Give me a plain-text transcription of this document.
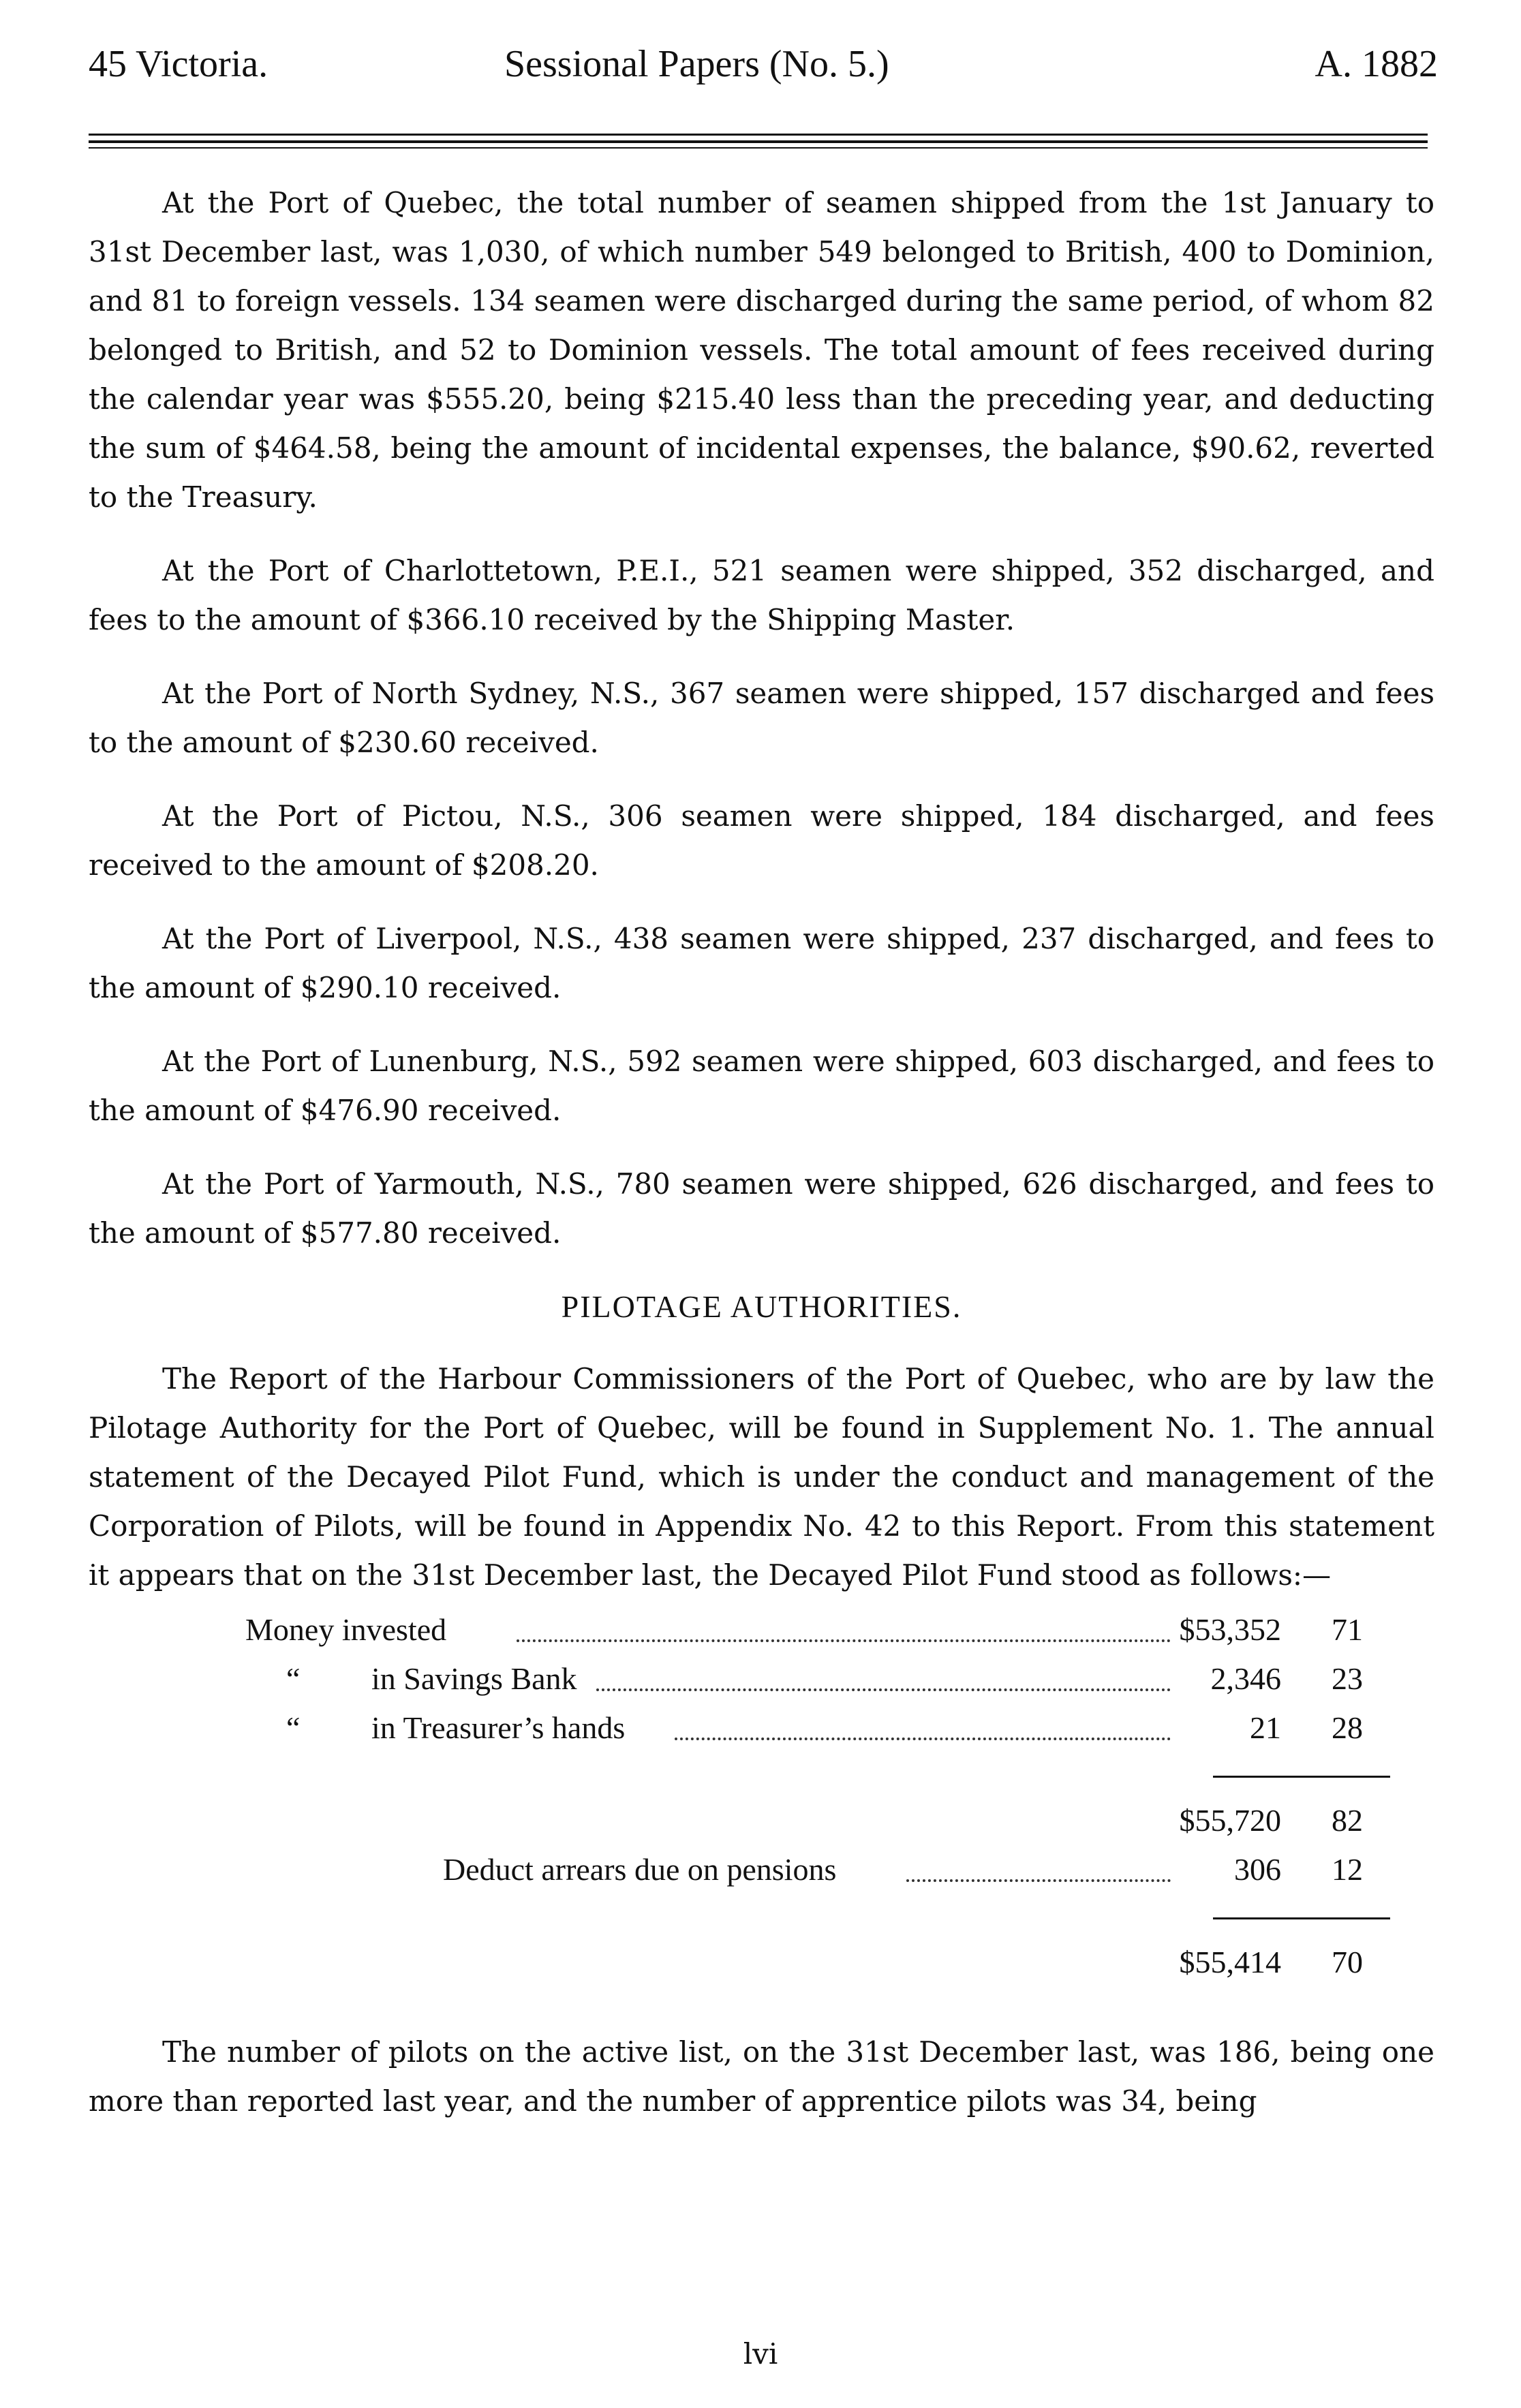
45 Victoria.	Sessional Papers (No. 5.)	A. 1882

At the Port of Quebec, the total number of seamen shipped from the 1st January to 31st December last, was 1,030, of which number 549 belonged to British, 400 to Dominion, and 81 to foreign vessels. 134 seamen were discharged during the same period, of whom 82 belonged to British, and 52 to Dominion vessels. The total amount of fees received during the calendar year was $555.20, being $215.40 less than the preceding year, and deducting the sum of $464.58, being the amount of incidental expenses, the balance, $90.62, reverted to the Treasury.

At the Port of Charlottetown, P.E.I., 521 seamen were shipped, 352 discharged, and fees to the amount of $366.10 received by the Shipping Master.

At the Port of North Sydney, N.S., 367 seamen were shipped, 157 discharged and fees to the amount of $230.60 received.

At the Port of Pictou, N.S., 306 seamen were shipped, 184 discharged, and fees received to the amount of $208.20.

At the Port of Liverpool, N.S., 438 seamen were shipped, 237 discharged, and fees to the amount of $290.10 received.

At the Port of Lunenburg, N.S., 592 seamen were shipped, 603 discharged, and fees to the amount of $476.90 received.

At the Port of Yarmouth, N.S., 780 seamen were shipped, 626 discharged, and fees to the amount of $577.80 received.

PILOTAGE AUTHORITIES.

The Report of the Harbour Commissioners of the Port of Quebec, who are by law the Pilotage Authority for the Port of Quebec, will be found in Supplement No. 1. The annual statement of the Decayed Pilot Fund, which is under the conduct and management of the Corporation of Pilots, will be found in Appendix No. 42 to this Report. From this statement it appears that on the 31st December last, the Decayed Pilot Fund stood as follows:—

Money invested	$53,352	71
“ in Savings Bank	2,346	23
“ in Treasurer’s hands	21	28
$55,720	82
Deduct arrears due on pensions	306	12
$55,414	70

The number of pilots on the active list, on the 31st December last, was 186, being one more than reported last year, and the number of apprentice pilots was 34, being

lvi
